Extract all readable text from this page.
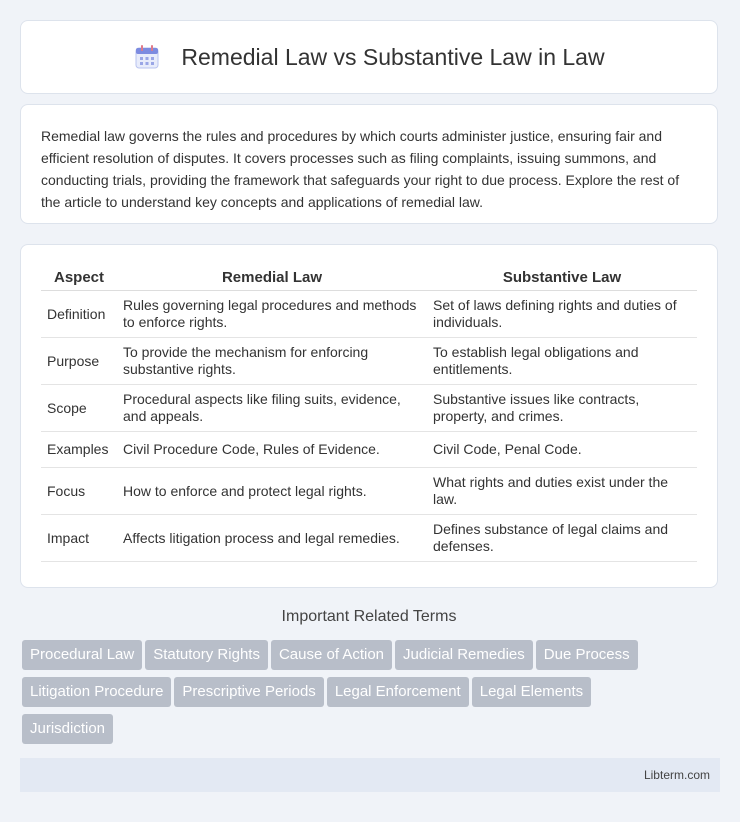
Remedial Law vs Substantive Law in Law

Remedial law governs the rules and procedures by which courts administer justice, ensuring fair and efficient resolution of disputes. It covers processes such as filing complaints, issuing summons, and conducting trials, providing the framework that safeguards your right to due process. Explore the rest of the article to understand key concepts and applications of remedial law.

Aspect	Remedial Law	Substantive Law
Definition	Rules governing legal procedures and methods to enforce rights.	Set of laws defining rights and duties of individuals.
Purpose	To provide the mechanism for enforcing substantive rights.	To establish legal obligations and entitlements.
Scope	Procedural aspects like filing suits, evidence, and appeals.	Substantive issues like contracts, property, and crimes.
Examples	Civil Procedure Code, Rules of Evidence.	Civil Code, Penal Code.
Focus	How to enforce and protect legal rights.	What rights and duties exist under the law.
Impact	Affects litigation process and legal remedies.	Defines substance of legal claims and defenses.
Important Related Terms
Procedural Law Statutory Rights Cause of Action Judicial Remedies Due Process
Litigation Procedure Prescriptive Periods Legal Enforcement Legal Elements
Jurisdiction
Libterm.com
